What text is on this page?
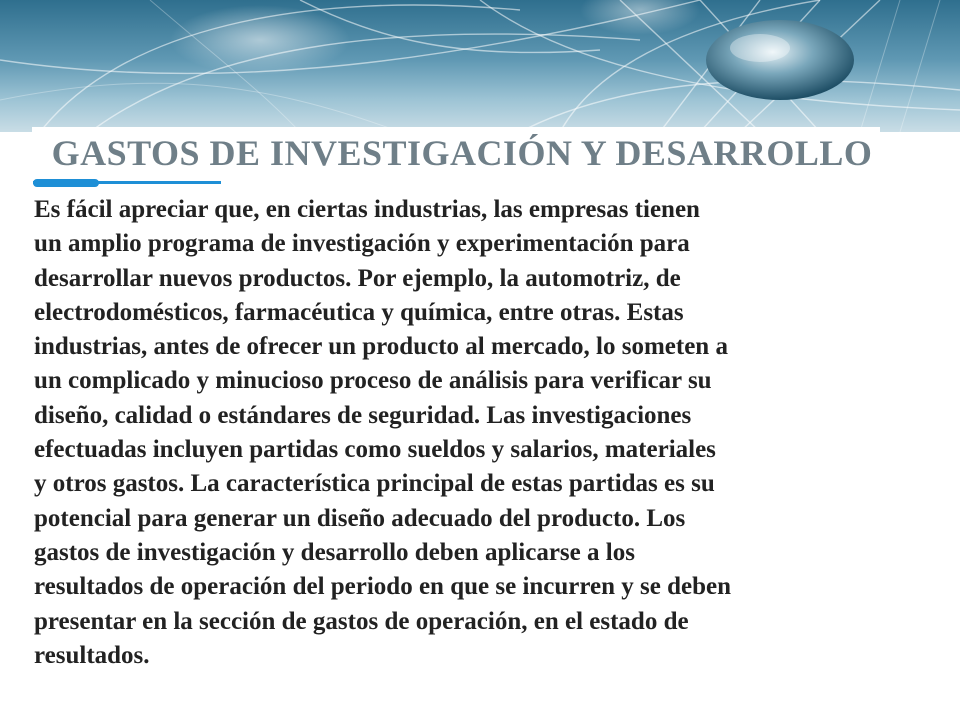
GASTOS DE INVESTIGACIÓN Y DESARROLLO

Es fácil apreciar que, en ciertas industrias, las empresas tienen
un amplio programa de investigación y experimentación para
desarrollar nuevos productos. Por ejemplo, la automotriz, de
electrodomésticos, farmacéutica y química, entre otras. Estas
industrias, antes de ofrecer un producto al mercado, lo someten a
un complicado y minucioso proceso de análisis para verificar su
diseño, calidad o estándares de seguridad. Las investigaciones
efectuadas incluyen partidas como sueldos y salarios, materiales
y otros gastos. La característica principal de estas partidas es su
potencial para generar un diseño adecuado del producto. Los
gastos de investigación y desarrollo deben aplicarse a los
resultados de operación del periodo en que se incurren y se deben
presentar en la sección de gastos de operación, en el estado de
resultados.
